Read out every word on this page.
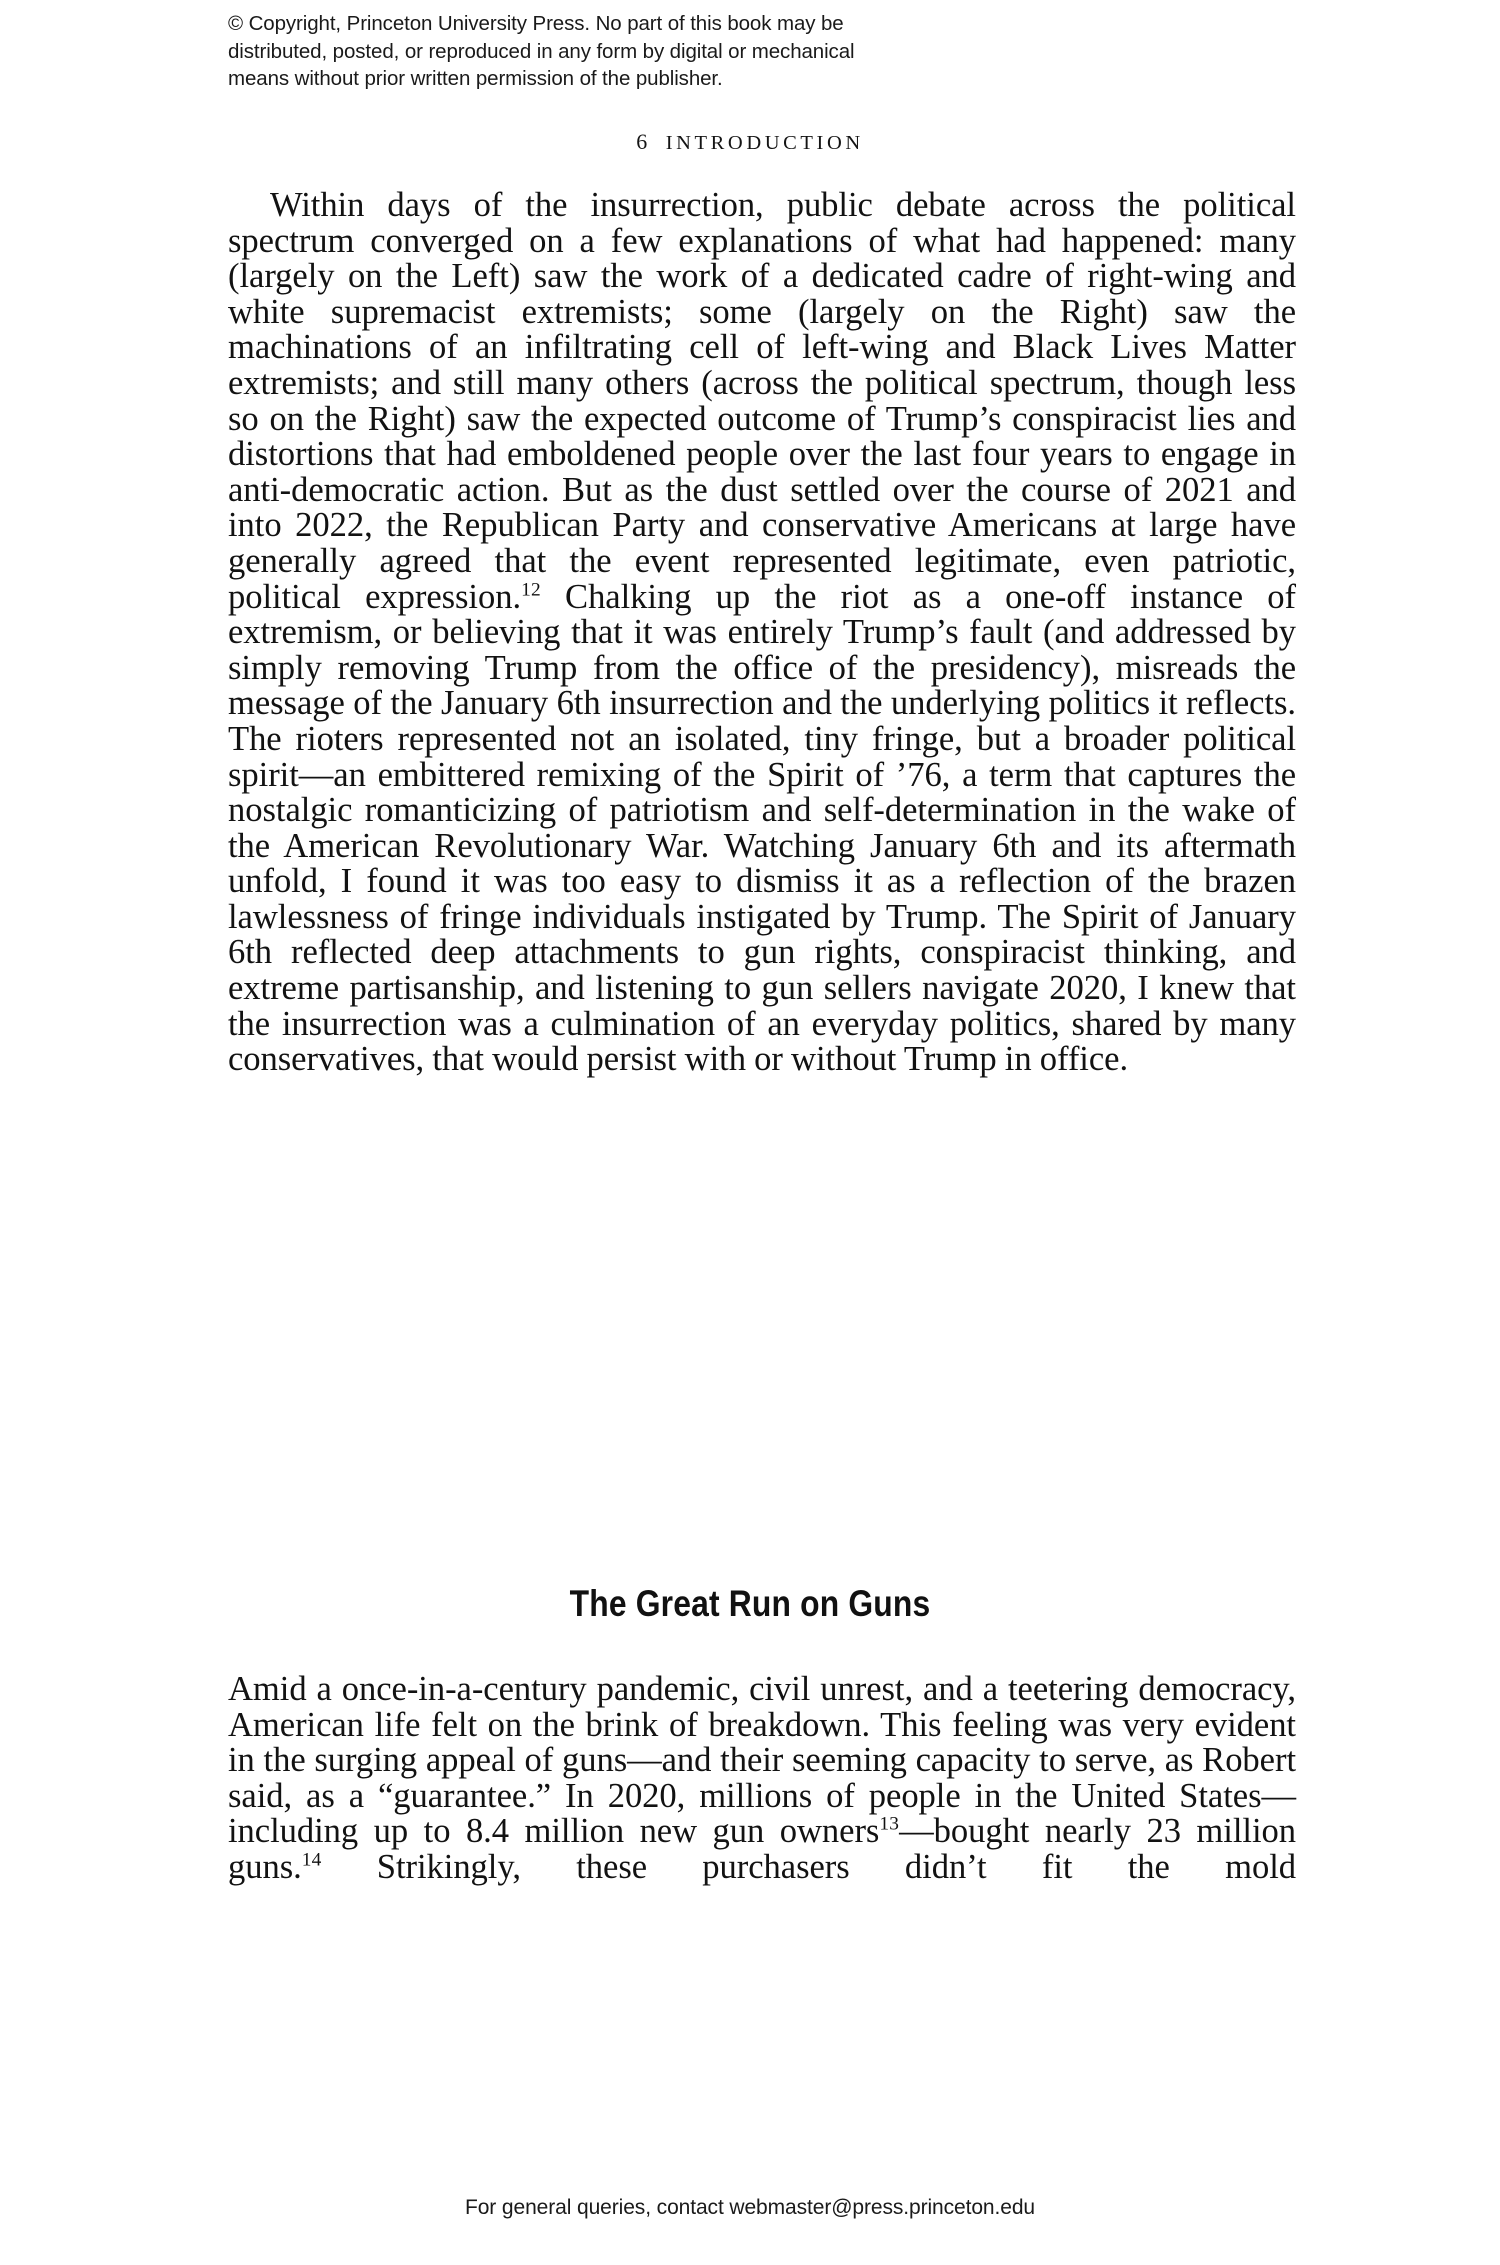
© Copyright, Princeton University Press. No part of this book may be
distributed, posted, or reproduced in any form by digital or mechanical
means without prior written permission of the publisher.
6 INTRODUCTION

Within days of the insurrection, public debate across the political spectrum converged on a few explanations of what had happened: many (largely on the Left) saw the work of a dedicated cadre of right-wing and white supremacist extremists; some (largely on the Right) saw the machinations of an infiltrating cell of left-wing and Black Lives Matter extremists; and still many others (across the political spectrum, though less so on the Right) saw the expected outcome of Trump’s conspiracist lies and distortions that had emboldened people over the last four years to engage in anti-democratic action. But as the dust settled over the course of 2021 and into 2022, the Republican Party and conservative Americans at large have generally agreed that the event represented legitimate, even patriotic, political expression.$^{12}$ Chalking up the riot as a one-off instance of extremism, or believing that it was entirely Trump’s fault (and addressed by simply removing Trump from the office of the presidency), misreads the message of the January 6th insurrection and the underlying politics it reflects. The rioters represented not an isolated, tiny fringe, but a broader political spirit—an embittered remixing of the Spirit of ’76, a term that captures the nostalgic romanticizing of patriotism and self-determination in the wake of the American Revolutionary War. Watching January 6th and its aftermath unfold, I found it was too easy to dismiss it as a reflection of the brazen lawlessness of fringe individuals instigated by Trump. The Spirit of January 6th reflected deep attachments to gun rights, conspiracist thinking, and extreme partisanship, and listening to gun sellers navigate 2020, I knew that the insurrection was a culmination of an everyday politics, shared by many conservatives, that would persist with or without Trump in office.

The Great Run on Guns

Amid a once-in-a-century pandemic, civil unrest, and a teetering democracy, American life felt on the brink of breakdown. This feeling was very evident in the surging appeal of guns—and their seeming capacity to serve, as Robert said, as a “guarantee.” In 2020, millions of people in the United States—including up to 8.4 million new gun owners$^{13}$—bought nearly 23 million guns.$^{14}$ Strikingly, these purchasers didn’t fit the mold

For general queries, contact webmaster@press.princeton.edu
